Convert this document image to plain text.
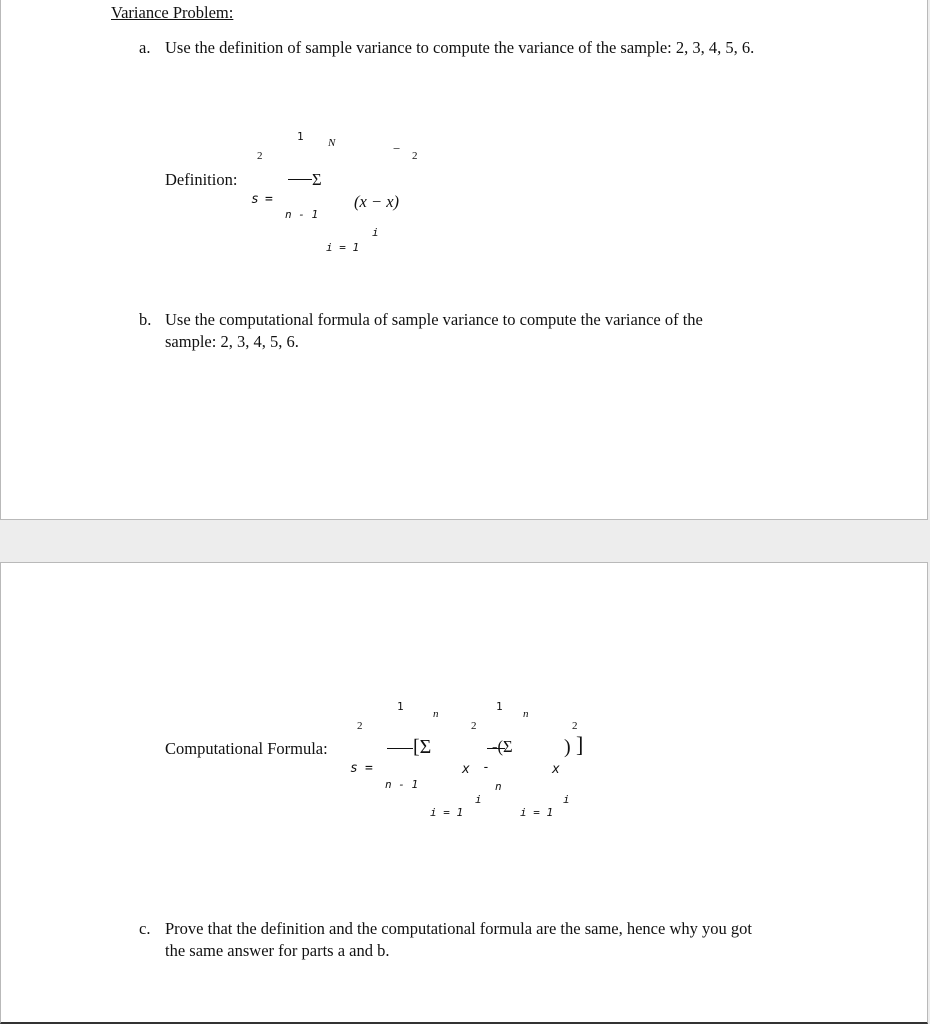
Variance Problem:
a. Use the definition of sample variance to compute the variance of the sample: 2, 3, 4, 5, 6.
Definition:
2
s =
1
n - 1
N
Σ
i = 1
(x − x)
− 2
i
b. Use the computational formula of sample variance to compute the variance of the
sample: 2, 3, 4, 5, 6.
Computational Formula:
2
s =
1
n - 1
[Σ
n
i = 1
x
2
i
-
1
n
-(Σ
n
i = 1
x
i
)
2
]
c. Prove that the definition and the computational formula are the same, hence why you got
the same answer for parts a and b.
